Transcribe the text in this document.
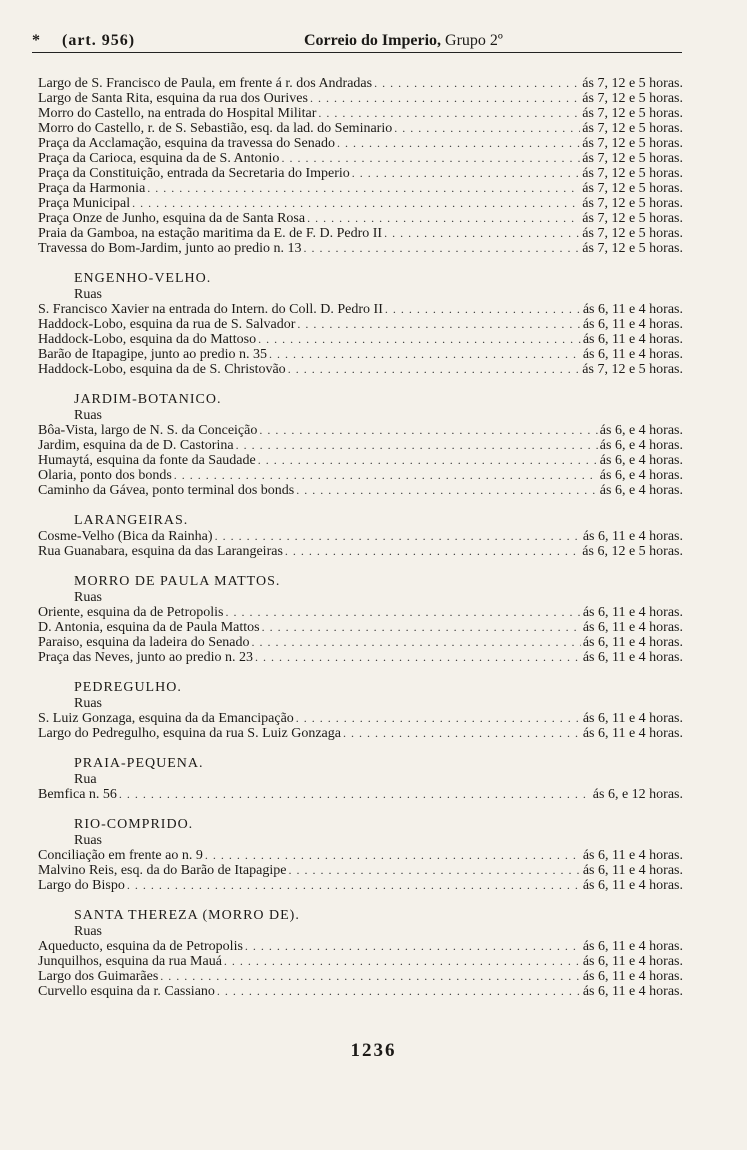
* (art. 956)	Correio do Imperio, Grupo 2º
Largo de S. Francisco de Paula, em frente á r. dos Andradas . . .	ás 7, 12 e 5 horas.
Largo de Santa Rita, esquina da rua dos Ourives . . .	ás 7, 12 e 5 horas.
Morro do Castello, na entrada do Hospital Militar . . .	ás 7, 12 e 5 horas.
Morro do Castello, r. de S. Sebastião, esq. da lad. do Seminario . . .	ás 7, 12 e 5 horas.
Praça da Acclamação, esquina da travessa do Senado . . .	ás 7, 12 e 5 horas.
Praça da Carioca, esquina da de S. Antonio . . .	ás 7, 12 e 5 horas.
Praça da Constituição, entrada da Secretaria do Imperio . . .	ás 7, 12 e 5 horas.
Praça da Harmonia . . .	ás 7, 12 e 5 horas.
Praça Municipal . . .	ás 7, 12 e 5 horas.
Praça Onze de Junho, esquina da de Santa Rosa . . .	ás 7, 12 e 5 horas.
Praia da Gamboa, na estação maritima da E. de F. D. Pedro II . . .	ás 7, 12 e 5 horas.
Travessa do Bom-Jardim, junto ao predio n. 13 . . .	ás 7, 12 e 5 horas.
ENGENHO-VELHO.
Ruas
S. Francisco Xavier na entrada do Intern. do Coll. D. Pedro II . . .	ás 6, 11 e 4 horas.
Haddock-Lobo, esquina da rua de S. Salvador . . .	ás 6, 11 e 4 horas.
Haddock-Lobo, esquina da do Mattoso . . .	ás 6, 11 e 4 horas.
Barão de Itapagipe, junto ao predio n. 35 . . .	ás 6, 11 e 4 horas.
Haddock-Lobo, esquina da de S. Christovão . . .	ás 7, 12 e 5 horas.
JARDIM-BOTANICO.
Ruas
Bôa-Vista, largo de N. S. da Conceição . . .	ás 6, e 4 horas.
Jardim, esquina da de D. Castorina . . .	ás 6, e 4 horas.
Humaytá, esquina da fonte da Saudade . . .	ás 6, e 4 horas.
Olaria, ponto dos bonds . . .	ás 6, e 4 horas.
Caminho da Gávea, ponto terminal dos bonds . . .	ás 6, e 4 horas.
LARANGEIRAS.
Cosme-Velho (Bica da Rainha) . . .	ás 6, 11 e 4 horas.
Rua Guanabara, esquina da das Larangeiras . . .	ás 6, 12 e 5 horas.
MORRO DE PAULA MATTOS.
Ruas
Oriente, esquina da de Petropolis . . .	ás 6, 11 e 4 horas.
D. Antonia, esquina da de Paula Mattos . . .	ás 6, 11 e 4 horas.
Paraiso, esquina da ladeira do Senado . . .	ás 6, 11 e 4 horas.
Praça das Neves, junto ao predio n. 23 . . .	ás 6, 11 e 4 horas.
PEDREGULHO.
Ruas
S. Luiz Gonzaga, esquina da da Emancipação . . .	ás 6, 11 e 4 horas.
Largo do Pedregulho, esquina da rua S. Luiz Gonzaga . . .	ás 6, 11 e 4 horas.
PRAIA-PEQUENA.
Rua
Bemfica n. 56 . . .	ás 6, e 12 horas.
RIO-COMPRIDO.
Ruas
Conciliação em frente ao n. 9 . . .	ás 6, 11 e 4 horas.
Malvino Reis, esq. da do Barão de Itapagipe . . .	ás 6, 11 e 4 horas.
Largo do Bispo . . .	ás 6, 11 e 4 horas.
SANTA THEREZA (MORRO DE).
Ruas
Aqueducto, esquina da de Petropolis . . .	ás 6, 11 e 4 horas.
Junquilhos, esquina da rua Mauá . . .	ás 6, 11 e 4 horas.
Largo dos Guimarães . . .	ás 6, 11 e 4 horas.
Curvello esquina da r. Cassiano . . .	ás 6, 11 e 4 horas.
1236
